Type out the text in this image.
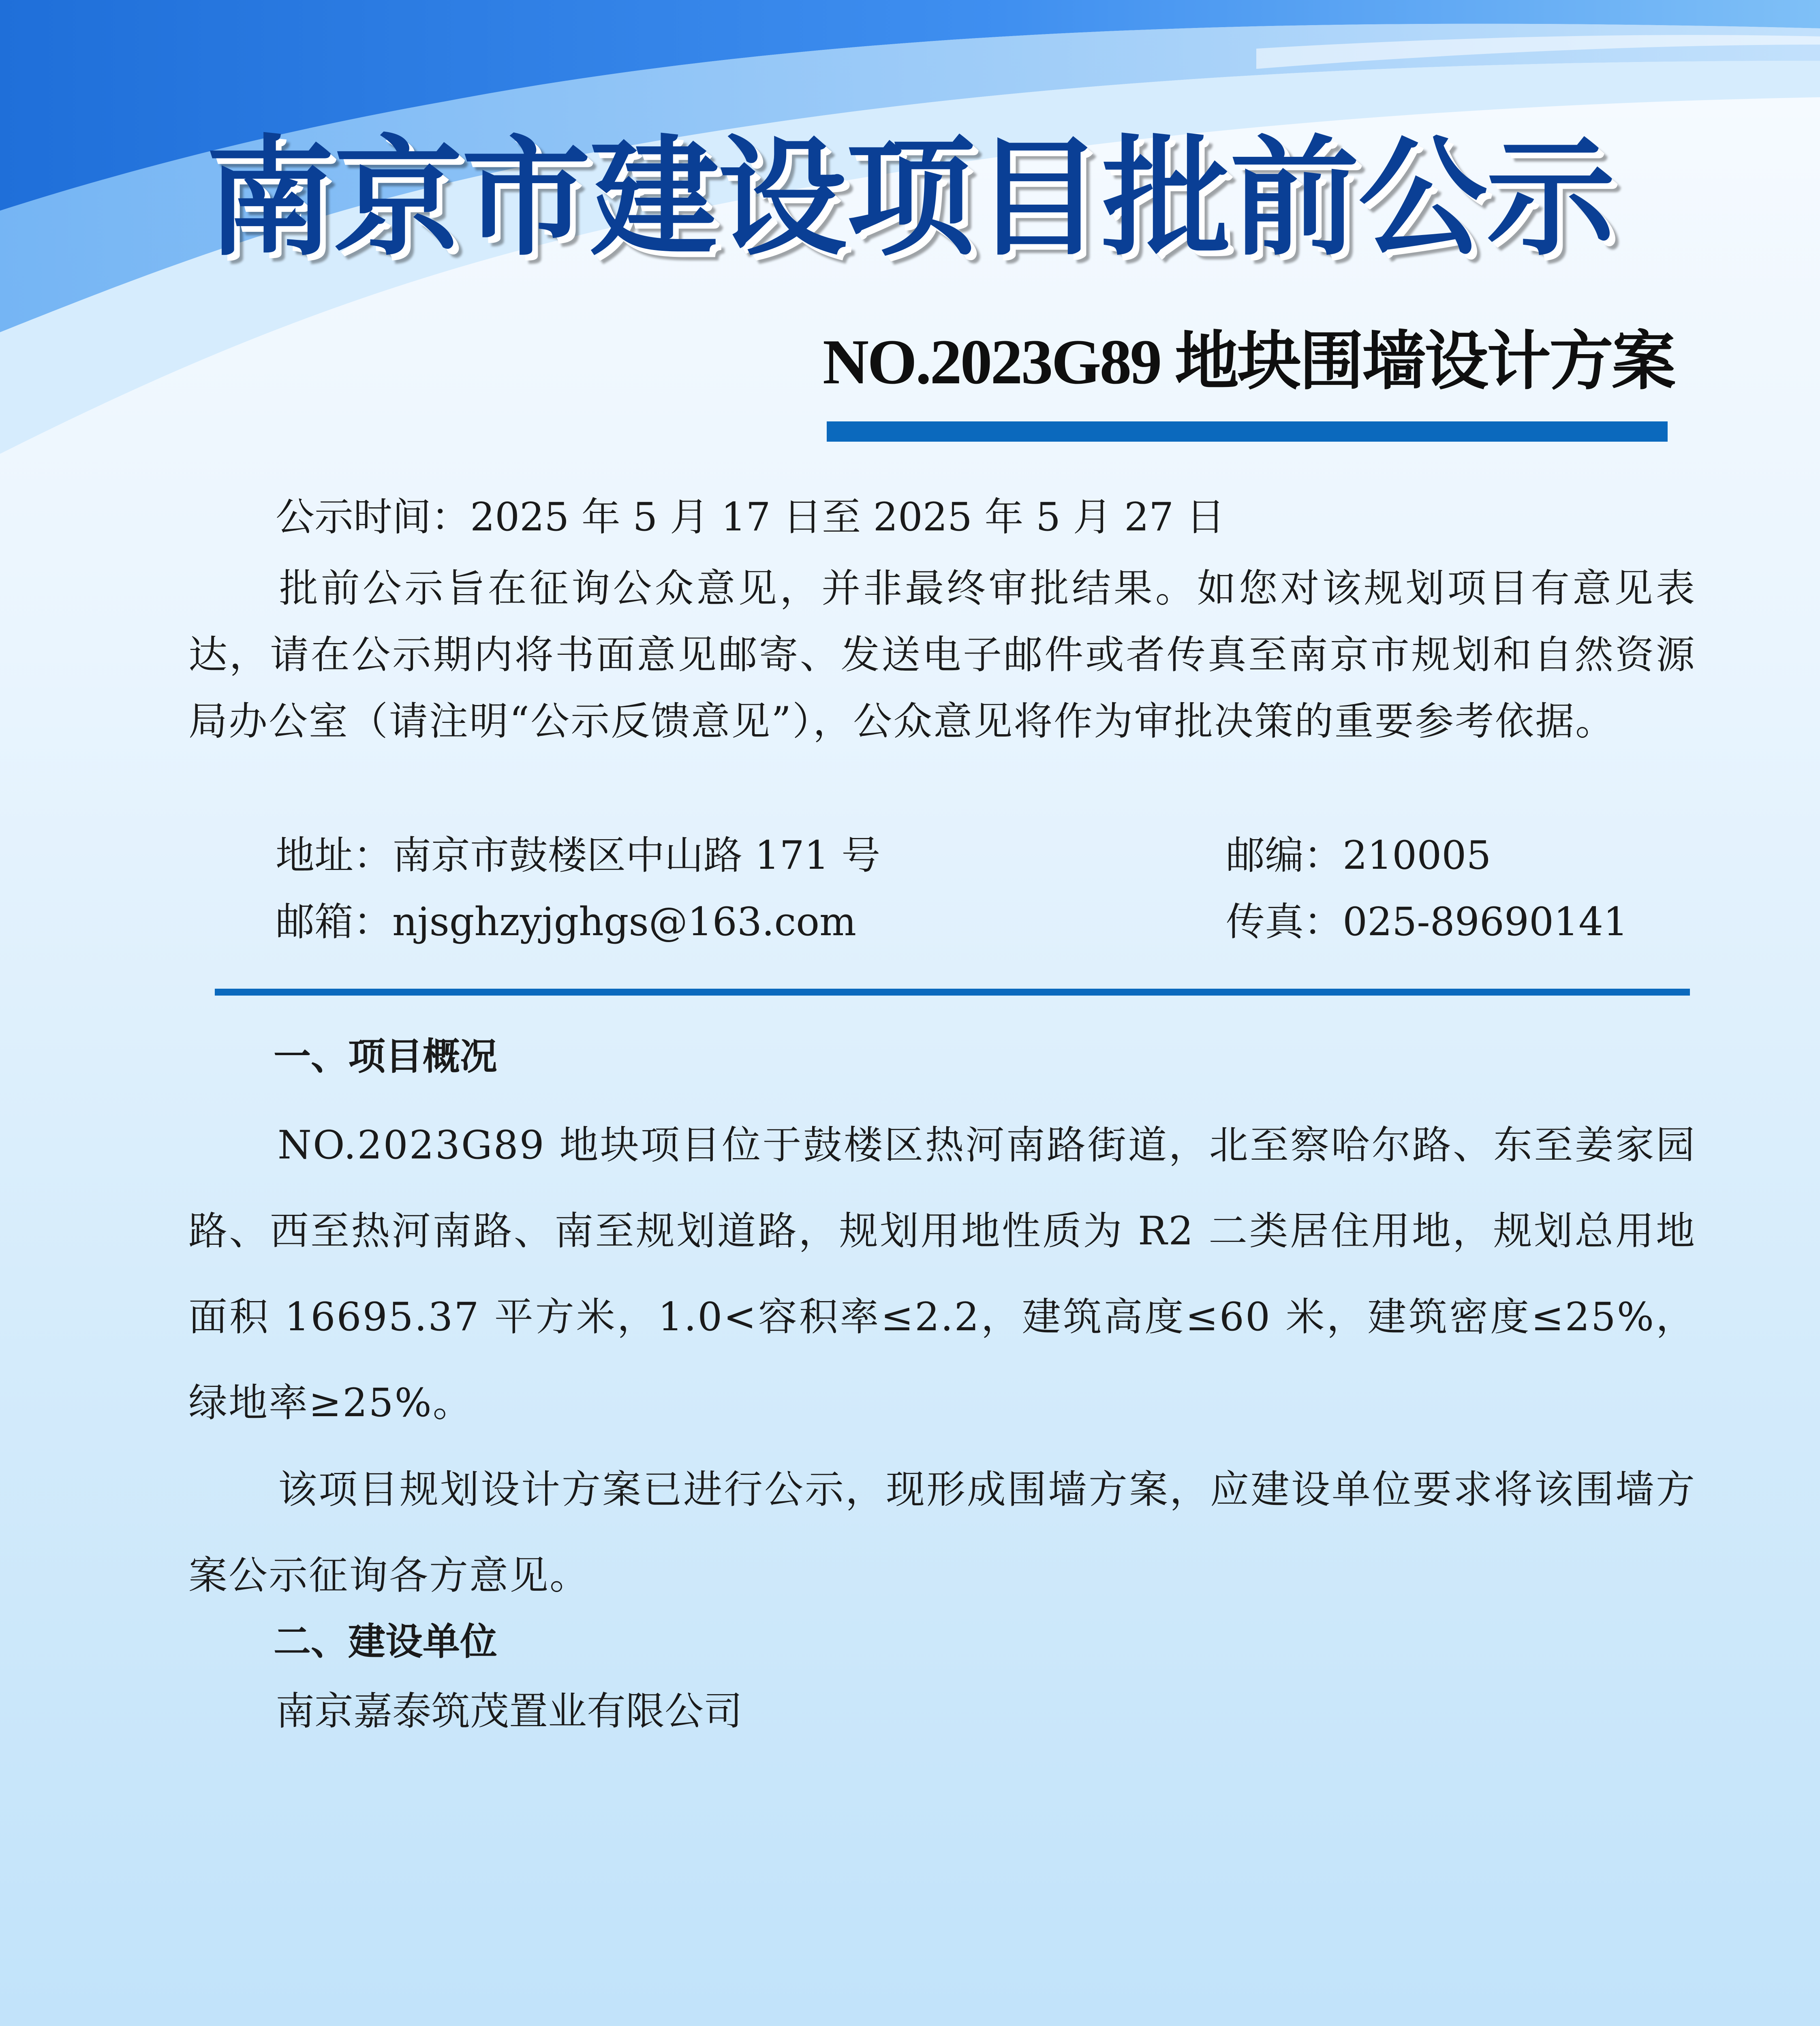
南京市建设项目批前公示
NO.2023G89 地块围墙设计方案
公示时间：2025 年 5 月 17 日至 2025 年 5 月 27 日
批前公示旨在征询公众意见，并非最终审批结果。如您对该规划项目有意见表达，请在公示期内将书面意见邮寄、发送电子邮件或者传真至南京市规划和自然资源局办公室（请注明“公示反馈意见”），公众意见将作为审批决策的重要参考依据。
地址：南京市鼓楼区中山路 171 号	邮编：210005
邮箱：njsghzyjghgs@163.com	传真：025-89690141
一、项目概况
NO.2023G89 地块项目位于鼓楼区热河南路街道，北至察哈尔路、东至姜家园路、西至热河南路、南至规划道路，规划用地性质为 R2 二类居住用地，规划总用地面积 16695.37 平方米，1.0<容积率≤2.2，建筑高度≤60 米，建筑密度≤25%，绿地率≥25%。
该项目规划设计方案已进行公示，现形成围墙方案，应建设单位要求将该围墙方案公示征询各方意见。
二、建设单位
南京嘉泰筑茂置业有限公司
